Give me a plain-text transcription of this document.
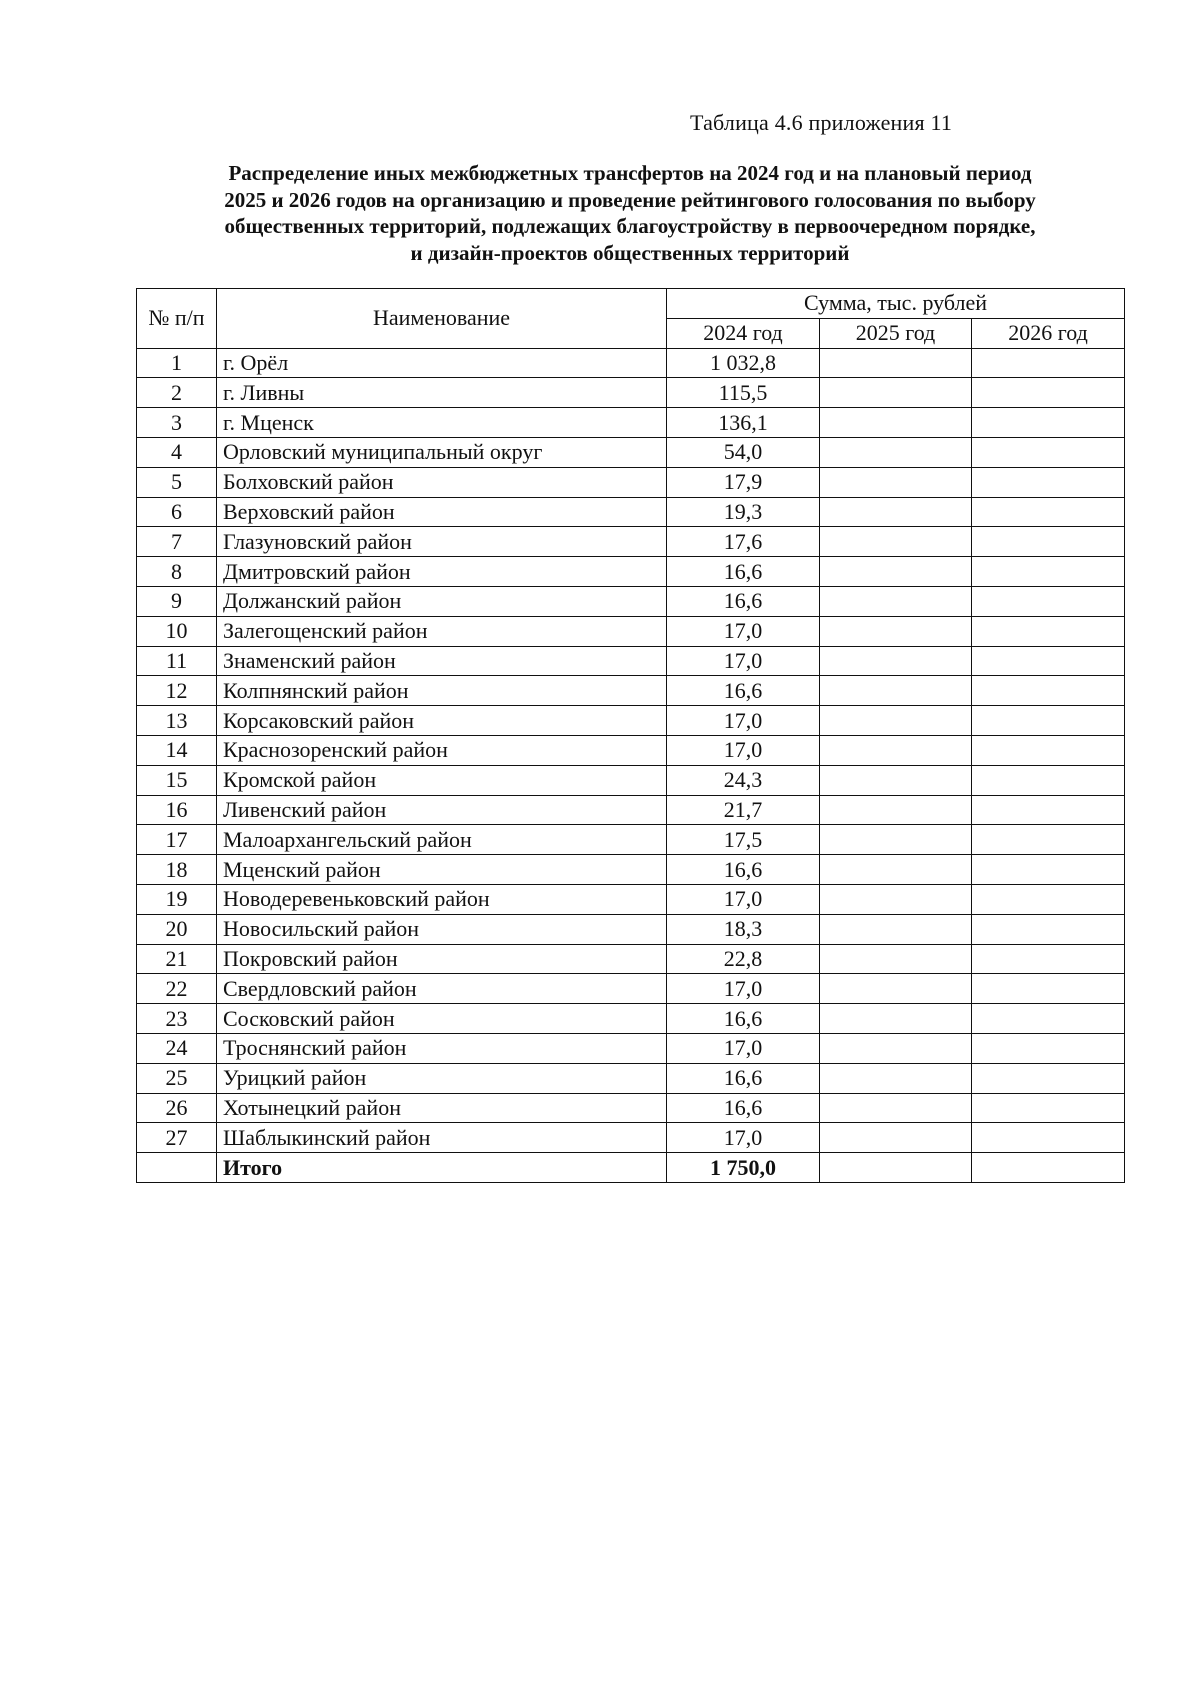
Таблица 4.6 приложения 11
Распределение иных межбюджетных трансфертов на 2024 год и на плановый период
2025 и 2026 годов на организацию и проведение рейтингового голосования по выбору
общественных территорий, подлежащих благоустройству в первоочередном порядке,
и дизайн-проектов общественных территорий
№ п/п	Наименование	Сумма, тыс. рублей		
		2024 год	2025 год	2026 год
1	г. Орёл	1 032,8		
2	г. Ливны	115,5		
3	г. Мценск	136,1		
4	Орловский муниципальный округ	54,0		
5	Болховский район	17,9		
6	Верховский район	19,3		
7	Глазуновский район	17,6		
8	Дмитровский район	16,6		
9	Должанский район	16,6		
10	Залегощенский район	17,0		
11	Знаменский район	17,0		
12	Колпнянский район	16,6		
13	Корсаковский район	17,0		
14	Краснозоренский район	17,0		
15	Кромской район	24,3		
16	Ливенский район	21,7		
17	Малоархангельский район	17,5		
18	Мценский район	16,6		
19	Новодеревеньковский район	17,0		
20	Новосильский район	18,3		
21	Покровский район	22,8		
22	Свердловский район	17,0		
23	Сосковский район	16,6		
24	Троснянский район	17,0		
25	Урицкий район	16,6		
26	Хотынецкий район	16,6		
27	Шаблыкинский район	17,0		
	Итого	1 750,0		
